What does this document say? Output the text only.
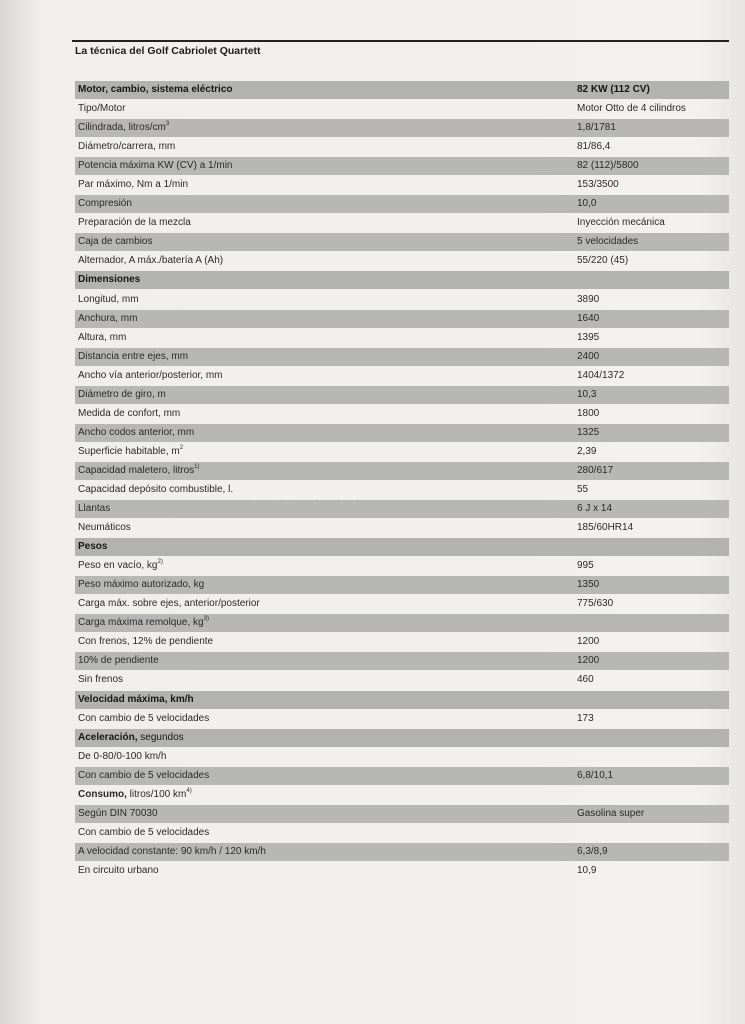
La técnica del Golf Cabriolet Quartett
Motor, cambio, sistema eléctrico	82 KW (112 CV)
Tipo/Motor	Motor Otto de 4 cilindros
Cilindrada, litros/$cm^3$	1,8/1781
Diámetro/carrera, mm	81/86,4
Potencia máxima KW (CV) a 1/min	82 (112)/5800
Par máximo, Nm a 1/min	153/3500
Compresión	10,0
Preparación de la mezcla	Inyección mecánica
Caja de cambios	5 velocidades
Alternador, A máx./batería A (Ah)	55/220 (45)
Dimensiones
Longitud, mm	3890
Anchura, mm	1640
Altura, mm	1395
Distancia entre ejes, mm	2400
Ancho vía anterior/posterior, mm	1404/1372
Diámetro de giro, m	10,3
Medida de confort, mm	1800
Ancho codos anterior, mm	1325
Superficie habitable, $m^2$	2,39
Capacidad maletero, litros$^{1)}$	280/617
Capacidad depósito combustible, l.	55
Llantas	6 J x 14
Neumáticos	185/60HR14
Pesos
Peso en vacío, $kg^{2)}$	995
Peso máximo autorizado, kg	1350
Carga máx. sobre ejes, anterior/posterior	775/630
Carga máxima remolque, $kg^{3)}$
Con frenos, 12% de pendiente	1200
10% de pendiente	1200
Sin frenos	460
Velocidad máxima, km/h
Con cambio de 5 velocidades	173
Aceleración, segundos
De 0-80/0-100 km/h
Con cambio de 5 velocidades	6,8/10,1
Consumo, litros/100 $km^{4)}$
Según DIN 70030	Gasolina super
Con cambio de 5 velocidades
A velocidad constante: 90 km/h / 120 km/h	6,3/8,9
En circuito urbano	10,9
